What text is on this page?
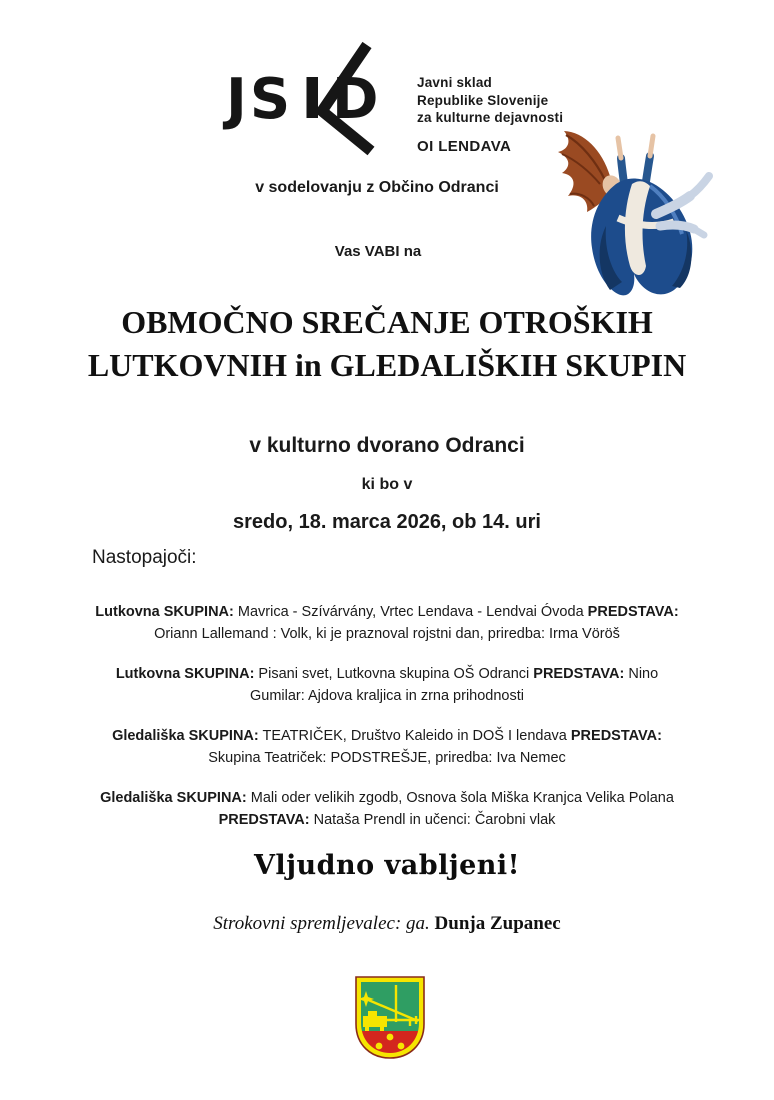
JS D	Javni sklad
Republike Slovenije
za kulturne dejavnosti
OI LENDAVA
v sodelovanju z Občino Odranci
Vas VABI na
OBMOČNO SREČANJE OTROŠKIH
LUTKOVNIH in GLEDALIŠKIH SKUPIN
v kulturno dvorano Odranci
ki bo v
sredo, 18. marca 2026, ob 14. uri
Nastopajoči:

Lutkovna SKUPINA: Mavrica - Szívárvány, Vrtec Lendava - Lendvai Óvoda PREDSTAVA: Oriann Lallemand : Volk, ki je praznoval rojstni dan, priredba: Irma Vöröš

Lutkovna SKUPINA: Pisani svet, Lutkovna skupina OŠ Odranci PREDSTAVA: Nino Gumilar: Ajdova kraljica in zrna prihodnosti

Gledališka SKUPINA: TEATRIČEK, Društvo Kaleido in DOŠ I lendava PREDSTAVA: Skupina Teatriček: PODSTREŠJE, priredba: Iva Nemec

Gledališka SKUPINA: Mali oder velikih zgodb, Osnova šola Miška Kranjca Velika Polana PREDSTAVA: Nataša Prendl in učenci: Čarobni vlak

Vljudno vabljeni!
Strokovni spremljevalec: ga. Dunja Zupanec
